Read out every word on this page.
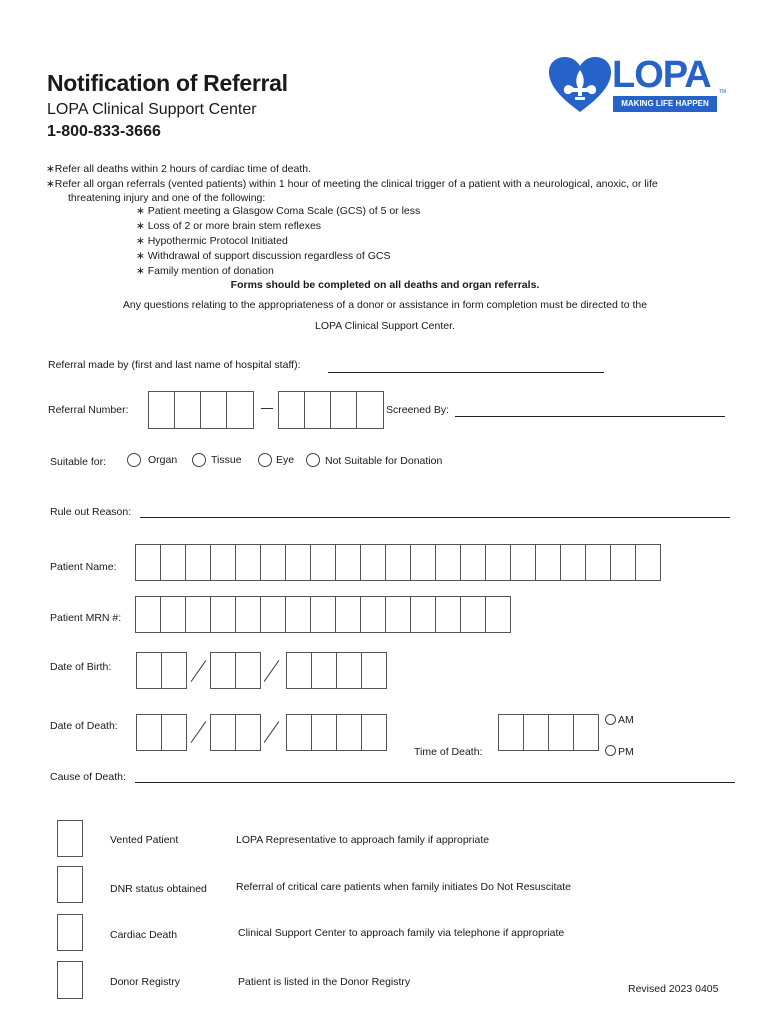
Notification of Referral
LOPA Clinical Support Center
1-800-833-3666
LOPA
MAKING LIFE HAPPEN
TM
∗Refer all deaths within 2 hours of cardiac time of death.
∗Refer all organ referrals (vented patients) within 1 hour of meeting the clinical trigger of a patient with a neurological, anoxic, or life
threatening injury and one of the following:
∗ Patient meeting a Glasgow Coma Scale (GCS) of 5 or less
∗ Loss of 2 or more brain stem reflexes
∗ Hypothermic Protocol Initiated
∗ Withdrawal of support discussion regardless of GCS
∗ Family mention of donation
Forms should be completed on all deaths and organ referrals.
Any questions relating to the appropriateness of a donor or assistance in form completion must be directed to the
LOPA Clinical Support Center.
Referral made by (first and last name of hospital staff):
Referral Number:	Screened By:
Suitable for:	Organ	Tissue	Eye	Not Suitable for Donation
Rule out Reason:
Patient Name:
Patient MRN #:
Date of Birth:
Date of Death:
Time of Death:
AM
PM
Cause of Death:
Vented Patient	LOPA Representative to approach family if appropriate
DNR status obtained	Referral of critical care patients when family initiates Do Not Resuscitate
Cardiac Death	Clinical Support Center to approach family via telephone if appropriate
Donor Registry	Patient is listed in the Donor Registry
Revised 2023 0405
